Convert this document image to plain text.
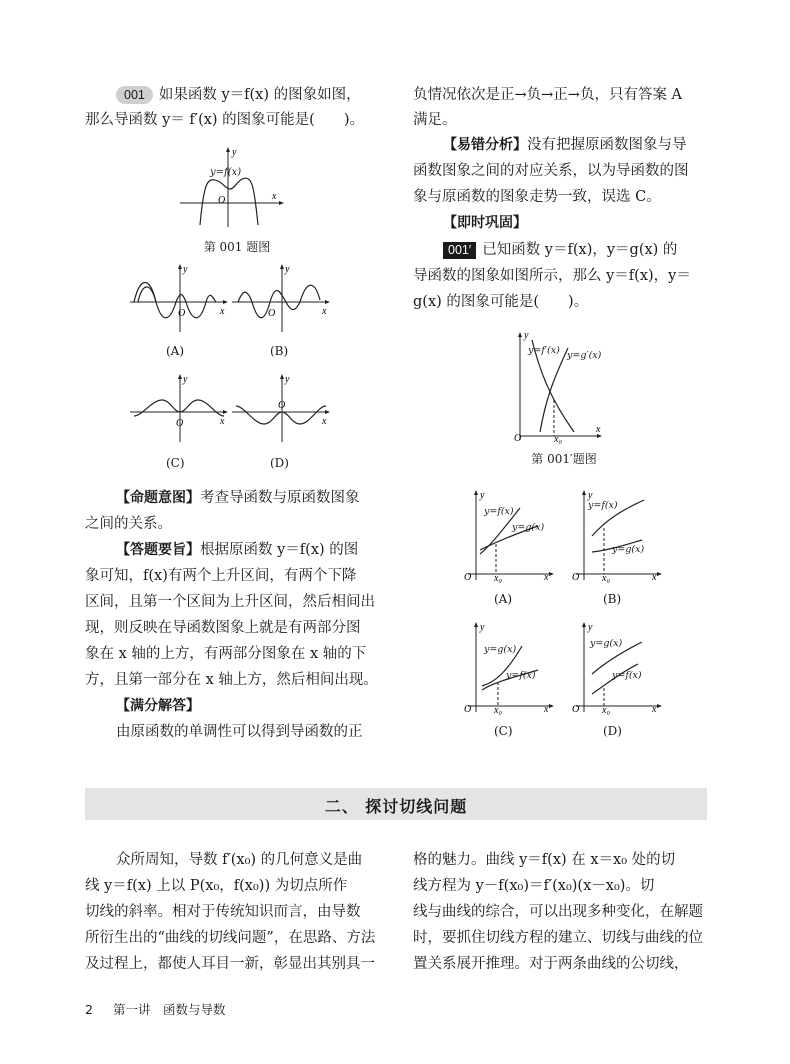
001 如果函数 y＝f(x) 的图象如图，
那么导函数 y＝ f′(x) 的图象可能是(　　)。
y
x
O
y=f(x)
第 001 题图
y
x
O
(A)
y
x
O
(B)
y
x
O
(C)
y
x
O
(D)
【命题意图】考查导函数与原函数图象
之间的关系。
【答题要旨】根据原函数 y＝f(x) 的图
象可知，f(x)有两个上升区间，有两个下降
区间，且第一个区间为上升区间，然后相间出
现，则反映在导函数图象上就是有两部分图
象在 x 轴的上方，有两部分图象在 x 轴的下
方，且第一部分在 x 轴上方，然后相间出现。
【满分解答】
由原函数的单调性可以得到导函数的正
负情况依次是正→负→正→负，只有答案 A
满足。
【易错分析】没有把握原函数图象与导
函数图象之间的对应关系，以为导函数的图
象与原函数的图象走势一致，误选 C。
【即时巩固】
001′ 已知函数 y＝f(x)，y＝g(x) 的
导函数的图象如图所示，那么 y＝f(x)，y＝
g(x) 的图象可能是(　　)。
y
x
O	x₀
y=f′(x) y=g′(x)
第 001′题图
y
x
O x₀
y=f(x)
y=g(x)
(A)
y
x
O x₀
y=f(x)
y=g(x)
(B)
y
x
O x₀
y=g(x)
y=f(x)
(C)
y
x
O x₀
y=g(x)
y=f(x)
(D)
二、 探讨切线问题
众所周知，导数 f′(x₀) 的几何意义是曲
线 y＝f(x) 上以 P(x₀，f(x₀)) 为切点所作
切线的斜率。相对于传统知识而言，由导数
所衍生出的“曲线的切线问题”，在思路、方法
及过程上，都使人耳目一新，彰显出其别具一
格的魅力。曲线 y＝f(x) 在 x＝x₀ 处的切
线方程为 y－f(x₀)＝f′(x₀)(x－x₀)。切
线与曲线的综合，可以出现多种变化，在解题
时，要抓住切线方程的建立、切线与曲线的位
置关系展开推理。对于两条曲线的公切线，
2 第一讲　函数与导数
